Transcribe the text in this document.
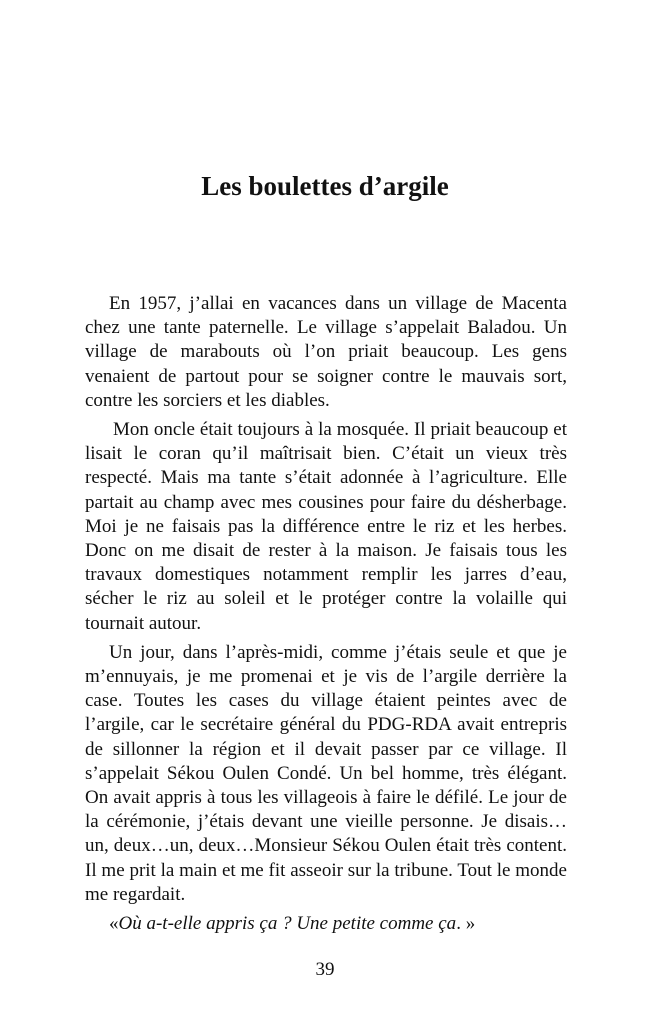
Les boulettes d’argile

En 1957, j’allai en vacances dans un village de Macenta chez une tante paternelle. Le village s’appelait Baladou. Un village de marabouts où l’on priait beaucoup. Les gens venaient de partout pour se soigner contre le mauvais sort, contre les sorciers et les diables.

Mon oncle était toujours à la mosquée. Il priait beaucoup et lisait le coran qu’il maîtrisait bien. C’était un vieux très respecté. Mais ma tante s’était adonnée à l’agriculture. Elle partait au champ avec mes cousines pour faire du désherbage. Moi je ne faisais pas la différence entre le riz et les herbes. Donc on me disait de rester à la maison. Je faisais tous les travaux domestiques notamment remplir les jarres d’eau, sécher le riz au soleil et le protéger contre la volaille qui tournait autour.

Un jour, dans l’après-midi, comme j’étais seule et que je m’ennuyais, je me promenai et je vis de l’argile derrière la case. Toutes les cases du village étaient peintes avec de l’argile, car le secrétaire général du PDG-RDA avait entrepris de sillonner la région et il devait passer par ce village. Il s’appelait Sékou Oulen Condé. Un bel homme, très élégant. On avait appris à tous les villageois à faire le défilé. Le jour de la cérémonie, j’étais devant une vieille personne. Je disais…un, deux…un, deux…Monsieur Sékou Oulen était très content. Il me prit la main et me fit asseoir sur la tribune. Tout le monde me regardait.

«Où a-t-elle appris ça ? Une petite comme ça. »

39
